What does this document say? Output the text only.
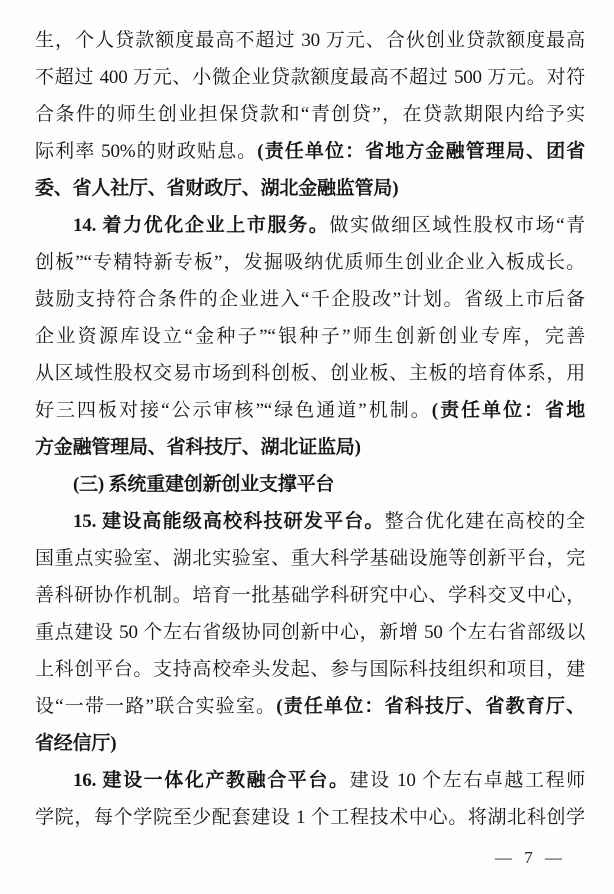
生，个人贷款额度最高不超过 30 万元、合伙创业贷款额度最高
不超过 400 万元、小微企业贷款额度最高不超过 500 万元。对符
合条件的师生创业担保贷款和“青创贷”，在贷款期限内给予实
际利率 50%的财政贴息。(责任单位：省地方金融管理局、团省
委、省人社厅、省财政厅、湖北金融监管局)
14. 着力优化企业上市服务。做实做细区域性股权市场“青
创板”“专精特新专板”，发掘吸纳优质师生创业企业入板成长。
鼓励支持符合条件的企业进入“千企股改”计划。省级上市后备
企业资源库设立“金种子”“银种子”师生创新创业专库，完善
从区域性股权交易市场到科创板、创业板、主板的培育体系，用
好三四板对接“公示审核”“绿色通道”机制。(责任单位：省地
方金融管理局、省科技厅、湖北证监局)
(三) 系统重建创新创业支撑平台
15. 建设高能级高校科技研发平台。整合优化建在高校的全
国重点实验室、湖北实验室、重大科学基础设施等创新平台，完
善科研协作机制。培育一批基础学科研究中心、学科交叉中心，
重点建设 50 个左右省级协同创新中心，新增 50 个左右省部级以
上科创平台。支持高校牵头发起、参与国际科技组织和项目，建
设“一带一路”联合实验室。(责任单位：省科技厅、省教育厅、
省经信厅)
16. 建设一体化产教融合平台。建设 10 个左右卓越工程师
学院，每个学院至少配套建设 1 个工程技术中心。将湖北科创学
— 7 —
